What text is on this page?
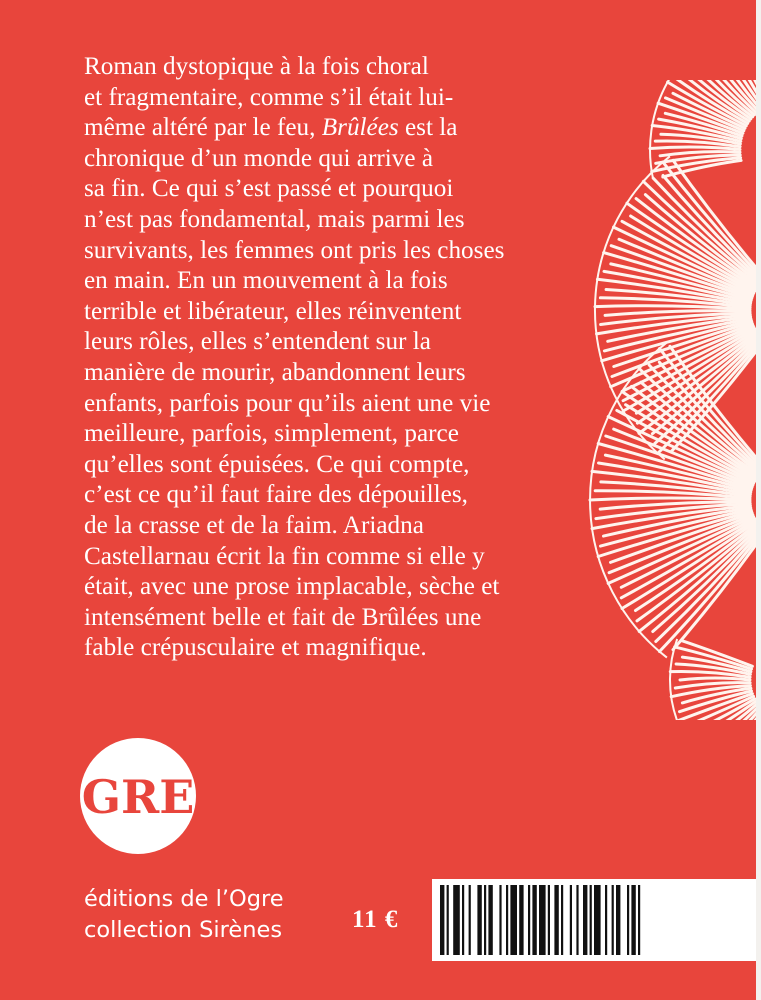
Roman dystopique à la fois choral
et fragmentaire, comme s’il était lui-
même altéré par le feu, Brûlées est la
chronique d’un monde qui arrive à
sa fin. Ce qui s’est passé et pourquoi
n’est pas fondamental, mais parmi les
survivants, les femmes ont pris les choses
en main. En un mouvement à la fois
terrible et libérateur, elles réinventent
leurs rôles, elles s’entendent sur la
manière de mourir, abandonnent leurs
enfants, parfois pour qu’ils aient une vie
meilleure, parfois, simplement, parce
qu’elles sont épuisées. Ce qui compte,
c’est ce qu’il faut faire des dépouilles,
de la crasse et de la faim. Ariadna
Castellarnau écrit la fin comme si elle y
était, avec une prose implacable, sèche et
intensément belle et fait de Brûlées une
fable crépusculaire et magnifique.

GRE
éditions de l’Ogre
collection Sirènes	11 €
